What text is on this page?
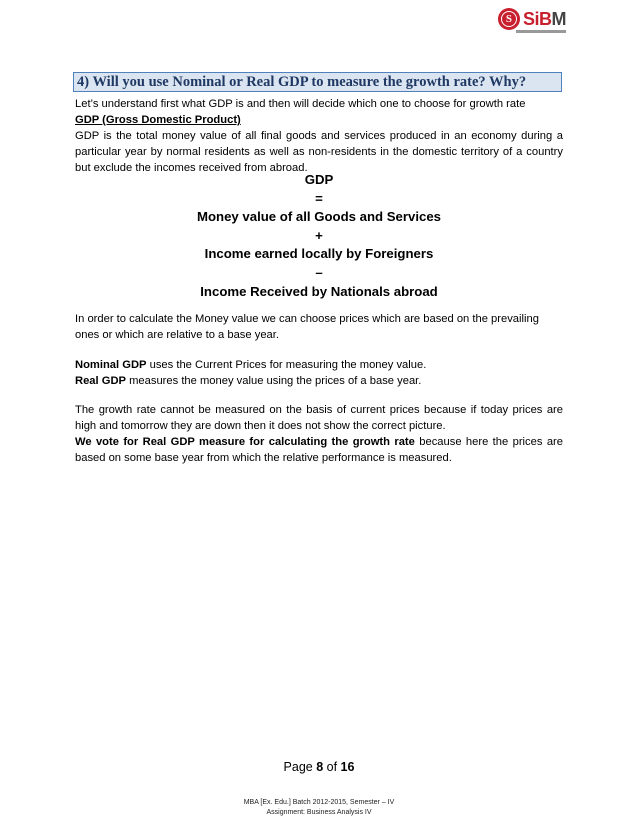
S SiBM
4) Will you use Nominal or Real GDP to measure the growth rate? Why?
Let’s understand first what GDP is and then will decide which one to choose for growth rate
GDP (Gross Domestic Product)
GDP is the total money value of all final goods and services produced in an economy during a particular year by normal residents as well as non-residents in the domestic territory of a country but exclude the incomes received from abroad.
GDP
=
Money value of all Goods and Services
+
Income earned locally by Foreigners
–
Income Received by Nationals abroad
In order to calculate the Money value we can choose prices which are based on the prevailing ones or which are relative to a base year.
Nominal GDP uses the Current Prices for measuring the money value.
Real GDP measures the money value using the prices of a base year.
The growth rate cannot be measured on the basis of current prices because if today prices are high and tomorrow they are down then it does not show the correct picture.
We vote for Real GDP measure for calculating the growth rate because here the prices are based on some base year from which the relative performance is measured.
Page 8 of 16
MBA [Ex. Edu.] Batch 2012-2015, Semester – IV
Assignment: Business Analysis IV
